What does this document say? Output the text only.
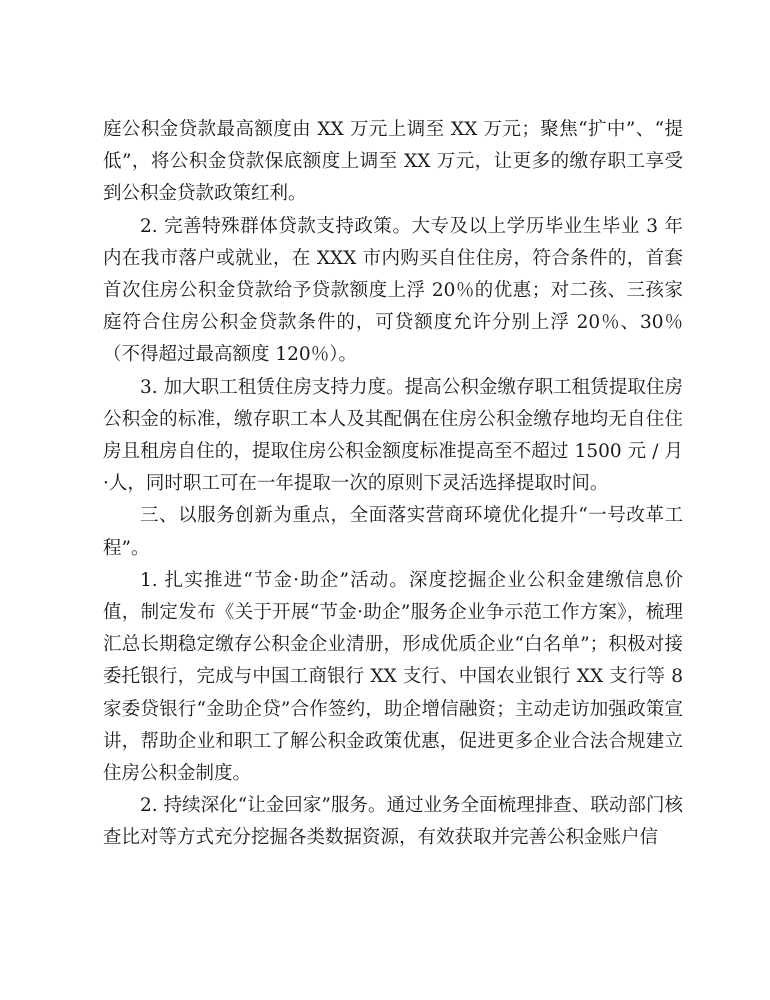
庭公积金贷款最高额度由 XX 万元上调至 XX 万元；聚焦“扩中”、“提低”，将公积金贷款保底额度上调至 XX 万元，让更多的缴存职工享受到公积金贷款政策红利。

2. 完善特殊群体贷款支持政策。大专及以上学历毕业生毕业 3 年内在我市落户或就业，在 XXX 市内购买自住住房，符合条件的，首套首次住房公积金贷款给予贷款额度上浮 20％的优惠；对二孩、三孩家庭符合住房公积金贷款条件的，可贷额度允许分别上浮 20％、30％（不得超过最高额度 120％）。

3. 加大职工租赁住房支持力度。提高公积金缴存职工租赁提取住房公积金的标准，缴存职工本人及其配偶在住房公积金缴存地均无自住住房且租房自住的，提取住房公积金额度标准提高至不超过 1500 元 / 月·人，同时职工可在一年提取一次的原则下灵活选择提取时间。

三、以服务创新为重点，全面落实营商环境优化提升“一号改革工程”。

1. 扎实推进“节金·助企”活动。深度挖掘企业公积金建缴信息价值，制定发布《关于开展“节金·助企”服务企业争示范工作方案》，梳理汇总长期稳定缴存公积金企业清册，形成优质企业“白名单”；积极对接委托银行，完成与中国工商银行 XX 支行、中国农业银行 XX 支行等 8 家委贷银行“金助企贷”合作签约，助企增信融资；主动走访加强政策宣讲，帮助企业和职工了解公积金政策优惠，促进更多企业合法合规建立住房公积金制度。

2. 持续深化“让金回家”服务。通过业务全面梳理排查、联动部门核查比对等方式充分挖掘各类数据资源，有效获取并完善公积金账户信
